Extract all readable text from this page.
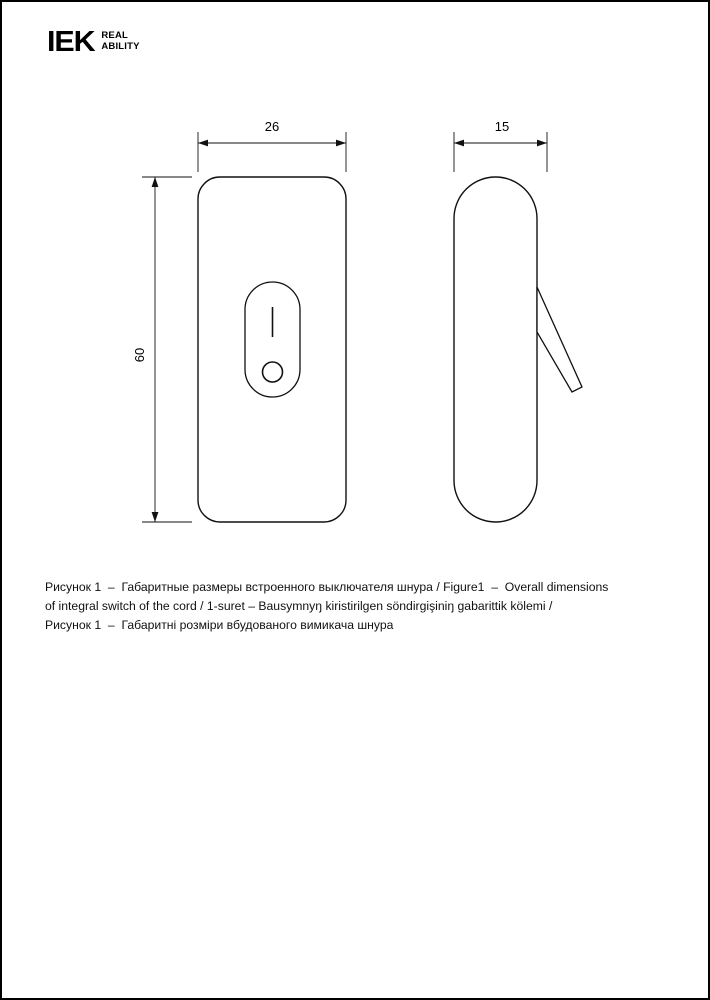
IEK REAL
ABILITY
26
60
15
Рисунок 1  –  Габаритные размеры встроенного выключателя шнура / Figure1  –  Overall dimensions
of integral switch of the cord / 1-suret – Bausymnyŋ kiristirilgen söndirgişiniŋ gabarittik kölemi /
Рисунок 1  –  Габаритні розміри вбудованого вимикача шнура
